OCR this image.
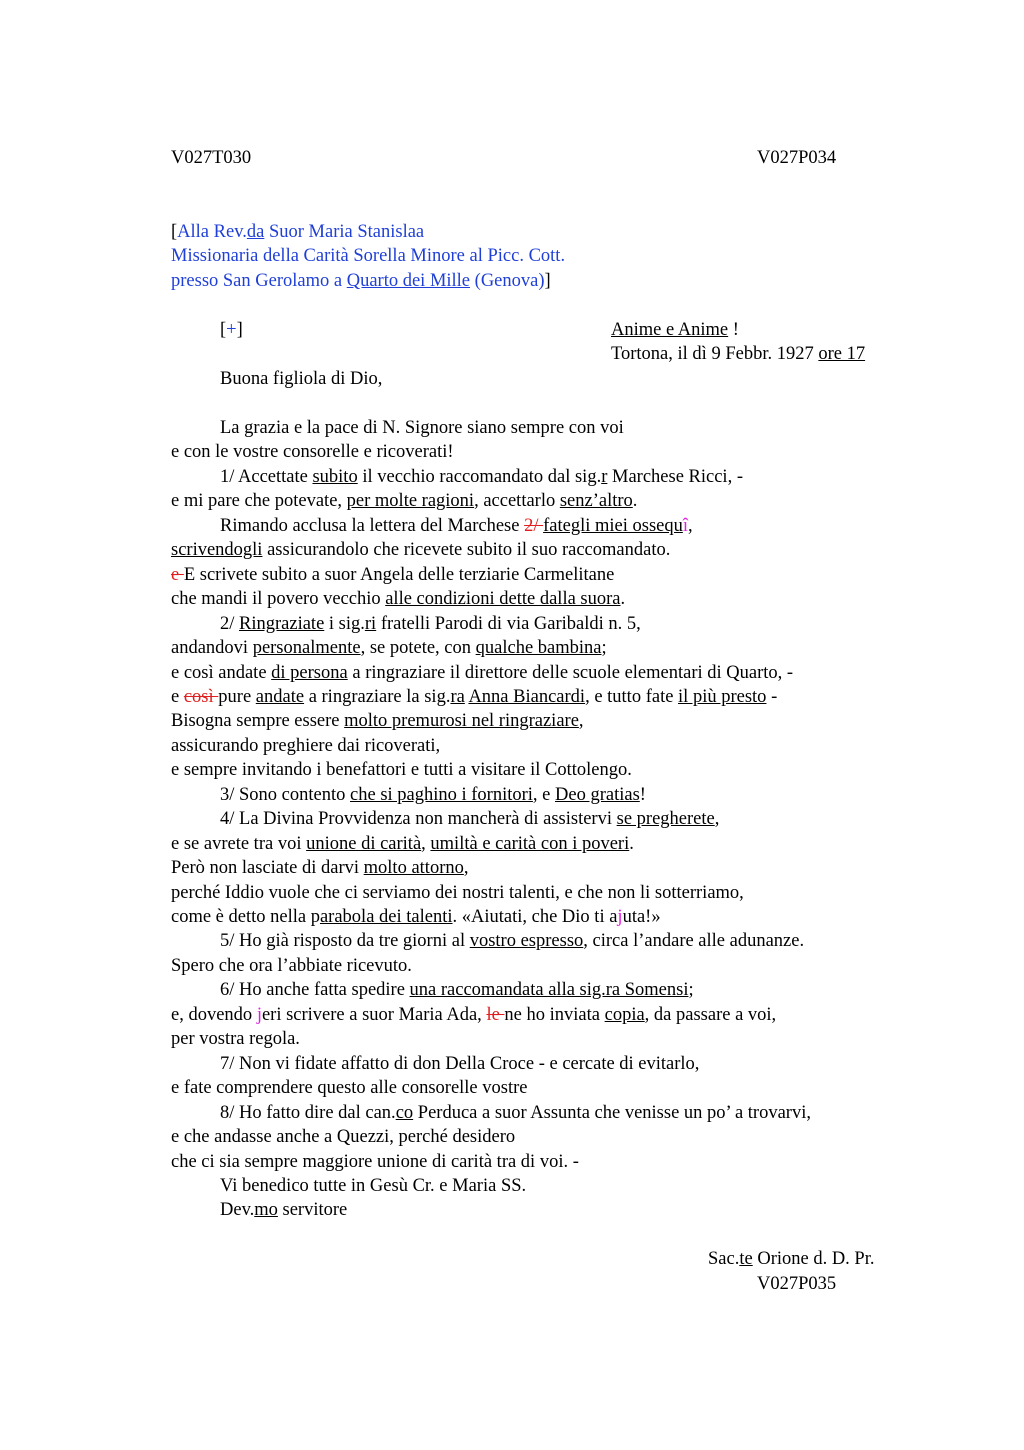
V027T030	V027P034
[Alla Rev.da Suor Maria Stanislaa
Missionaria della Carità Sorella Minore al Picc. Cott.
presso San Gerolamo a Quarto dei Mille (Genova)]
[+]	Anime e Anime !
Tortona, il dì 9 Febbr. 1927 ore 17
Buona figliola di Dio,
La grazia e la pace di N. Signore siano sempre con voi
e con le vostre consorelle e ricoverati!
1/ Accettate subito il vecchio raccomandato dal sig.r Marchese Ricci, -
e mi pare che potevate, per molte ragioni, accettarlo senz’altro.
Rimando acclusa la lettera del Marchese 2/ fategli miei ossequî,
scrivendogli assicurandolo che ricevete subito il suo raccomandato.
e E scrivete subito a suor Angela delle terziarie Carmelitane
che mandi il povero vecchio alle condizioni dette dalla suora.
2/ Ringraziate i sig.ri fratelli Parodi di via Garibaldi n. 5,
andandovi personalmente, se potete, con qualche bambina;
e così andate di persona a ringraziare il direttore delle scuole elementari di Quarto, -
e così pure andate a ringraziare la sig.ra Anna Biancardi, e tutto fate il più presto -
Bisogna sempre essere molto premurosi nel ringraziare,
assicurando preghiere dai ricoverati,
e sempre invitando i benefattori e tutti a visitare il Cottolengo.
3/ Sono contento che si paghino i fornitori, e Deo gratias!
4/ La Divina Provvidenza non mancherà di assistervi se pregherete,
e se avrete tra voi unione di carità, umiltà e carità con i poveri.
Però non lasciate di darvi molto attorno,
perché Iddio vuole che ci serviamo dei nostri talenti, e che non li sotterriamo,
come è detto nella parabola dei talenti. «Aiutati, che Dio ti ajuta!»
5/ Ho già risposto da tre giorni al vostro espresso, circa l’andare alle adunanze.
Spero che ora l’abbiate ricevuto.
6/ Ho anche fatta spedire una raccomandata alla sig.ra Somensi;
e, dovendo jeri scrivere a suor Maria Ada, le ne ho inviata copia, da passare a voi,
per vostra regola.
7/ Non vi fidate affatto di don Della Croce - e cercate di evitarlo,
e fate comprendere questo alle consorelle vostre
8/ Ho fatto dire dal can.co Perduca a suor Assunta che venisse un po’ a trovarvi,
e che andasse anche a Quezzi, perché desidero
che ci sia sempre maggiore unione di carità tra di voi. -
Vi benedico tutte in Gesù Cr. e Maria SS.
Dev.mo servitore
Sac.te Orione d. D. Pr.
V027P035
